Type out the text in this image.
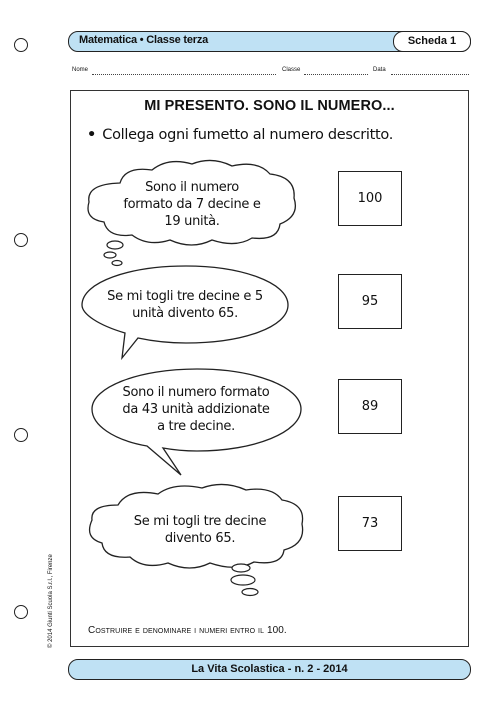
Matematica • Classe terza	Scheda 1
Nome	Classe	Data
MI PRESENTO. SONO IL NUMERO...
• Collega ogni fumetto al numero descritto.
Sono il numero
formato da 7 decine e
19 unità.
Se mi togli tre decine e 5
unità divento 65.
Sono il numero formato
da 43 unità addizionate
a tre decine.
Se mi togli tre decine
divento 65.
100
95
89
73
Costruire e denominare i numeri entro il 100.
La Vita Scolastica - n. 2 - 2014
© 2014 Giunti Scuola S.r.l., Firenze
